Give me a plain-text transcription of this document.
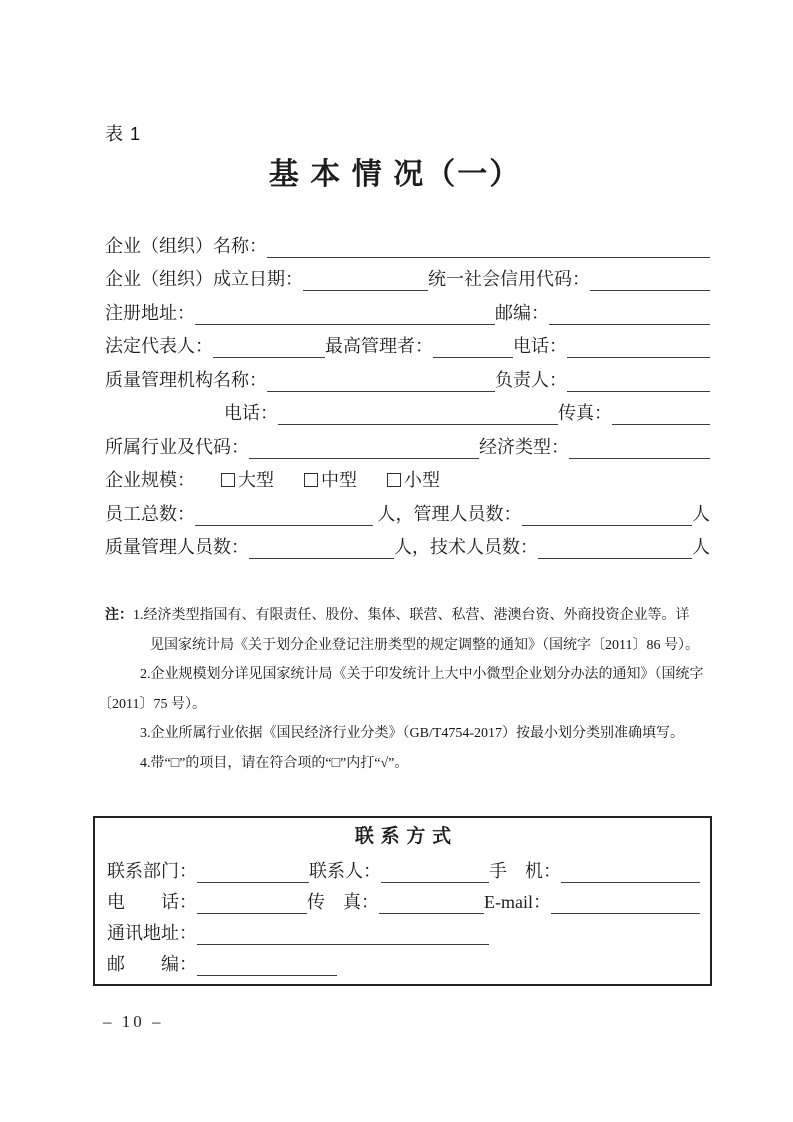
表 1
基 本 情 况（一）
企业（组织）名称：
企业（组织）成立日期：	统一社会信用代码：
注册地址：	邮编：
法定代表人：	最高管理者：	电话：
质量管理机构名称：	负责人：
电话：	传真：
所属行业及代码：	经济类型：
企业规模： 大型	中型	小型
员工总数：	人，管理人员数：	人
质量管理人员数：	人，技术人员数：	人
注： 1.经济类型指国有、有限责任、股份、集体、联营、私营、港澳台资、外商投资企业等。详
见国家统计局《关于划分企业登记注册类型的规定调整的通知》（国统字〔2011〕86 号）。
2.企业规模划分详见国家统计局《关于印发统计上大中小微型企业划分办法的通知》（国统字
〔2011〕75 号）。
3.企业所属行业依据《国民经济行业分类》（GB/T4754-2017）按最小划分类别准确填写。
4.带“□”的项目，请在符合项的“□”内打“√”。
联 系 方 式
联系部门：	联系人：	手　机：
电　　话：	传　真：	E-mail：
通讯地址：
邮　　编：
– 10 –
